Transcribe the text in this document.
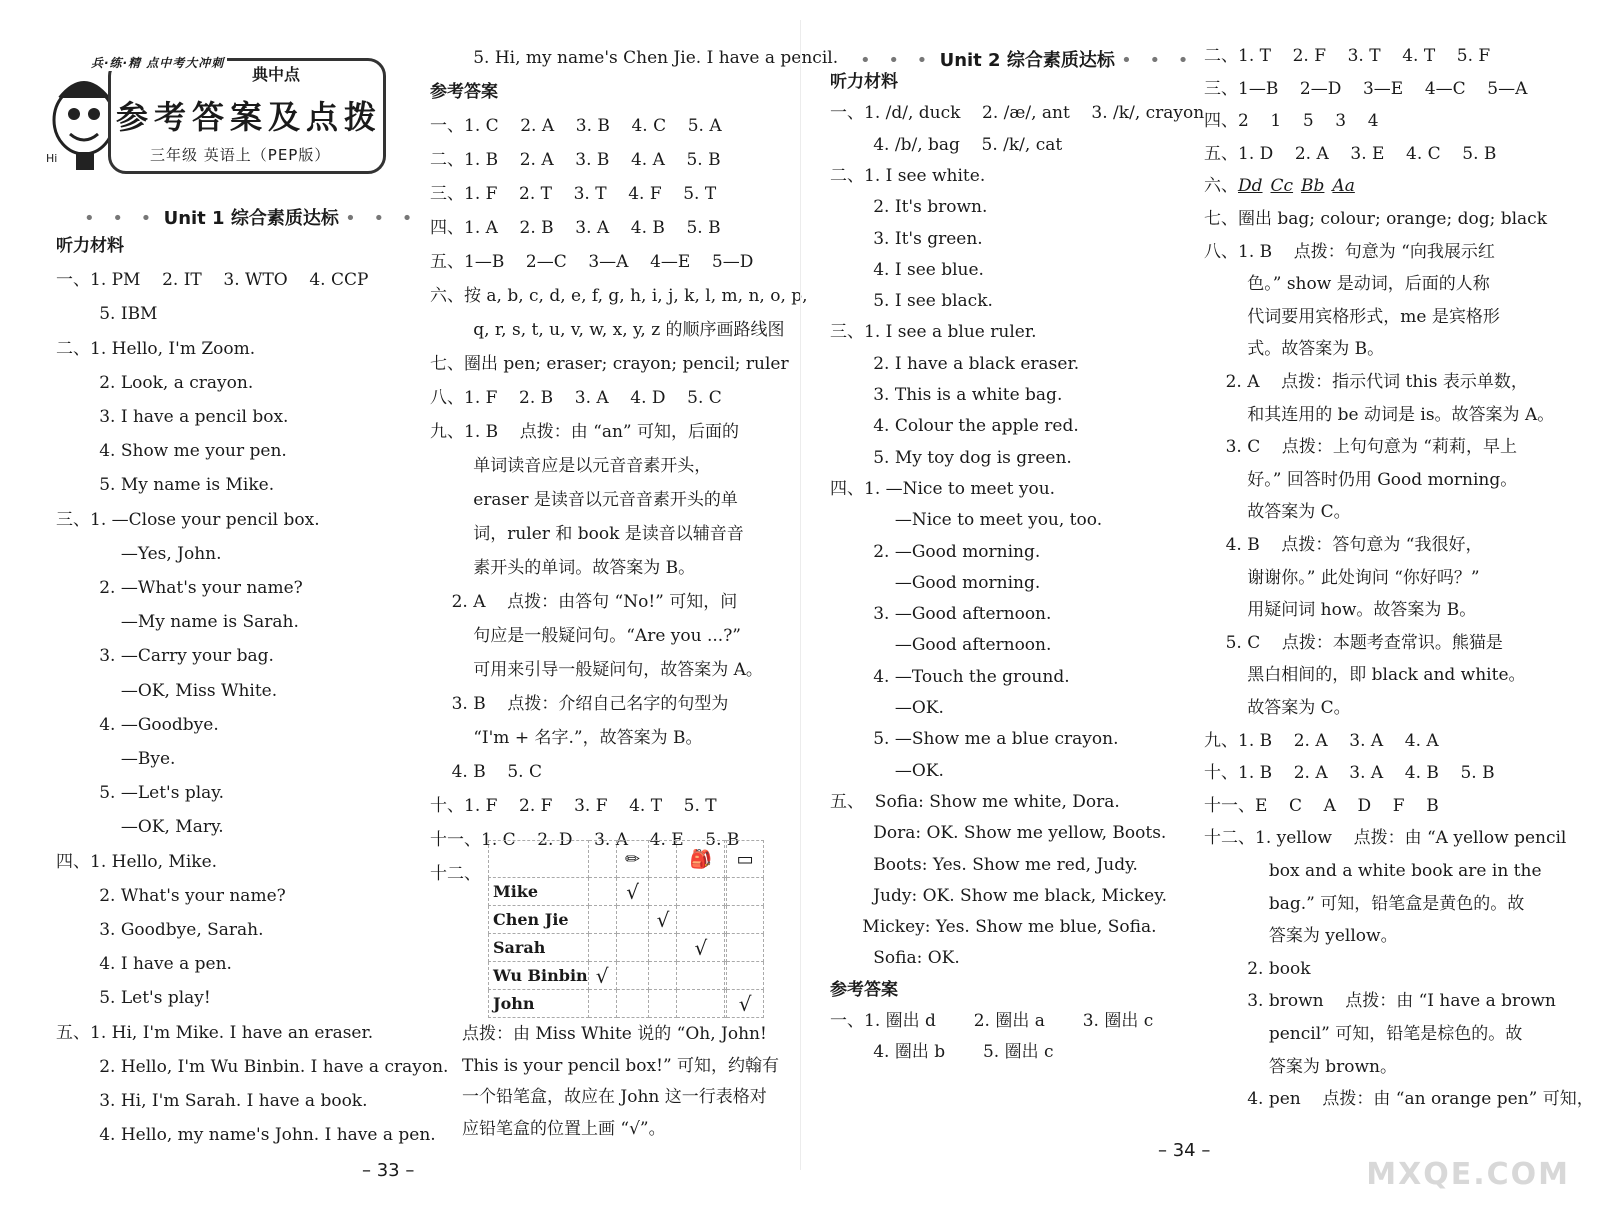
Hi
兵·练·精 点中考大冲刺
典中点
参考答案及点拨
三年级 英语上（PEP版）
• • • Unit 1 综合素质达标 • • •
听力材料
一、1. PM    2. IT    3. WTO    4. CCP
5. IBM
二、1. Hello, I'm Zoom.
2. Look, a crayon.
3. I have a pencil box.
4. Show me your pen.
5. My name is Mike.
三、1. —Close your pencil box.
—Yes, John.
2. —What's your name?
—My name is Sarah.
3. —Carry your bag.
—OK, Miss White.
4. —Goodbye.
—Bye.
5. —Let's play.
—OK, Mary.
四、1. Hello, Mike.
2. What's your name?
3. Goodbye, Sarah.
4. I have a pen.
5. Let's play!
五、1. Hi, I'm Mike. I have an eraser.
2. Hello, I'm Wu Binbin. I have a crayon.
3. Hi, I'm Sarah. I have a book.
4. Hello, my name's John. I have a pen.
5. Hi, my name's Chen Jie. I have a pencil.
参考答案
一、1. C    2. A    3. B    4. C    5. A
二、1. B    2. A    3. B    4. A    5. B
三、1. F    2. T    3. T    4. F    5. T
四、1. A    2. B    3. A    4. B    5. B
五、1—B    2—C    3—A    4—E    5—D
六、按 a, b, c, d, e, f, g, h, i, j, k, l, m, n, o, p,
q, r, s, t, u, v, w, x, y, z 的顺序画路线图
七、圈出 pen; eraser; crayon; pencil; ruler
八、1. F    2. B    3. A    4. D    5. C
九、1. B    点拨：由 “an” 可知，后面的
单词读音应是以元音音素开头，
eraser 是读音以元音音素开头的单
词，ruler 和 book 是读音以辅音音
素开头的单词。故答案为 B。
2. A    点拨：由答句 “No!” 可知，问
句应是一般疑问句。“Are you ...?”
可用来引导一般疑问句，故答案为 A。
3. B    点拨：介绍自己名字的句型为
“I'm + 名字.”，故答案为 B。
4. B    5. C
十、1. F    2. F    3. F    4. T    5. T
十一、1. C    2. D    3. A    4. E    5. B
十二、
		✏		🎒		▭
Mike		√				
Chen Jie			√			
Sarah				√		
Wu Binbin	√					
John						√
点拨：由 Miss White 说的 “Oh, John!
This is your pencil box!” 可知，约翰有
一个铅笔盒，故应在 John 这一行表格对
应铅笔盒的位置上画 “√”。
– 33 –
• • • Unit 2 综合素质达标 • • •
听力材料
一、1. /d/, duck    2. /æ/, ant    3. /k/, crayon
4. /b/, bag    5. /k/, cat
二、1. I see white.
2. It's brown.
3. It's green.
4. I see blue.
5. I see black.
三、1. I see a blue ruler.
2. I have a black eraser.
3. This is a white bag.
4. Colour the apple red.
5. My toy dog is green.
四、1. —Nice to meet you.
—Nice to meet you, too.
2. —Good morning.
—Good morning.
3. —Good afternoon.
—Good afternoon.
4. —Touch the ground.
—OK.
5. —Show me a blue crayon.
—OK.
五、  Sofia: Show me white, Dora.
Dora: OK. Show me yellow, Boots.
Boots: Yes. Show me red, Judy.
Judy: OK. Show me black, Mickey.
Mickey: Yes. Show me blue, Sofia.
Sofia: OK.
参考答案
一、1. 圈出 d       2. 圈出 a       3. 圈出 c
4. 圈出 b       5. 圈出 c
二、1. T    2. F    3. T    4. T    5. F
三、1—B    2—D    3—E    4—C    5—A
四、2    1    5    3    4
五、1. D    2. A    3. E    4. C    5. B
六、Dd Cc Bb Aa
七、圈出 bag; colour; orange; dog; black
八、1. B    点拨：句意为 “向我展示红
色。” show 是动词，后面的人称
代词要用宾格形式，me 是宾格形
式。故答案为 B。
2. A    点拨：指示代词 this 表示单数，
和其连用的 be 动词是 is。故答案为 A。
3. C    点拨：上句句意为 “莉莉，早上
好。” 回答时仍用 Good morning。
故答案为 C。
4. B    点拨：答句意为 “我很好，
谢谢你。” 此处询问 “你好吗？”
用疑问词 how。故答案为 B。
5. C    点拨：本题考查常识。熊猫是
黑白相间的，即 black and white。
故答案为 C。
九、1. B    2. A    3. A    4. A
十、1. B    2. A    3. A    4. B    5. B
十一、E    C    A    D    F    B
十二、1. yellow    点拨：由 “A yellow pencil
box and a white book are in the
bag.” 可知，铅笔盒是黄色的。故
答案为 yellow。
2. book
3. brown    点拨：由 “I have a brown
pencil” 可知，铅笔是棕色的。故
答案为 brown。
4. pen    点拨：由 “an orange pen” 可知，
– 34 –
MXQE.COM
